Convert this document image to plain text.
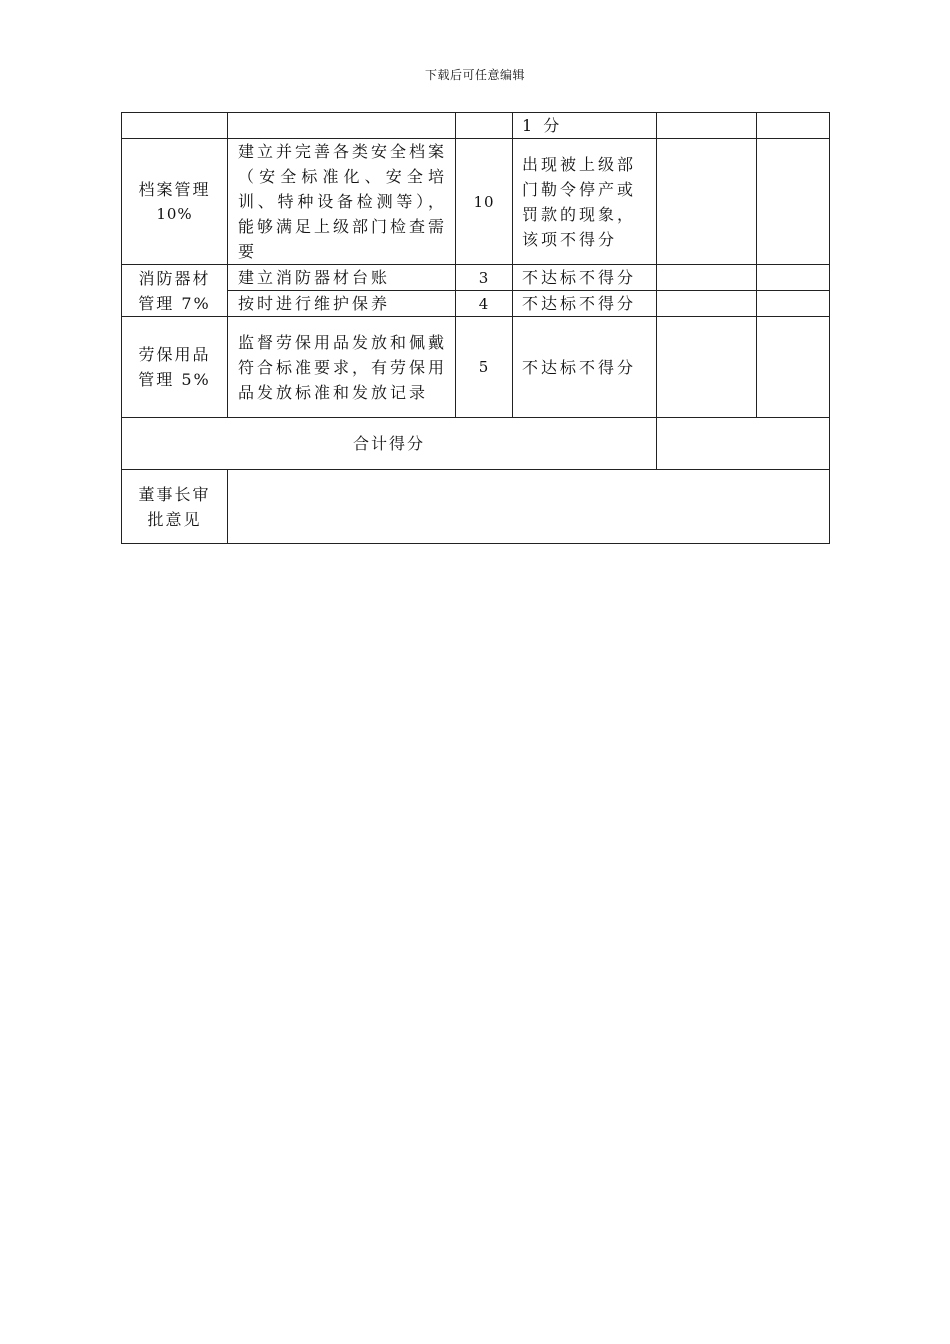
下载后可任意编辑
			1 分		

档案管理
10%	建立并完善各类安全档案（安全标准化、安全培训、特种设备检测等），能够满足上级部门检查需要	10	出现被上级部门勒令停产或罚款的现象，该项不得分		

消防器材
管理 7%	建立消防器材台账	3	不达标不得分		
	按时进行维护保养	4	不达标不得分		

劳保用品
管理 5%	监督劳保用品发放和佩戴符合标准要求，有劳保用品发放标准和发放记录	5	不达标不得分		
合计得分					

董事长审
批意见					
